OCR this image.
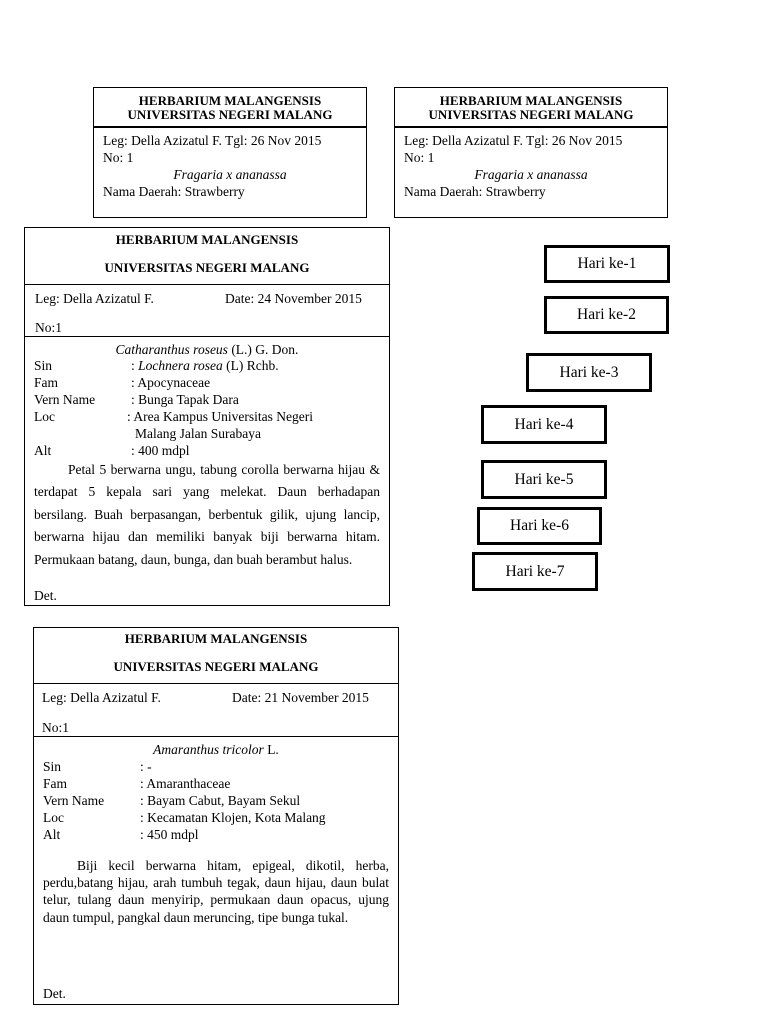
HERBARIUM MALANGENSIS
UNIVERSITAS NEGERI MALANG
Leg: Della Azizatul F. Tgl: 26 Nov 2015
No: 1
Fragaria x ananassa
Nama Daerah: Strawberry
HERBARIUM MALANGENSIS
UNIVERSITAS NEGERI MALANG
Leg: Della Azizatul F. Tgl: 26 Nov 2015
No: 1
Fragaria x ananassa
Nama Daerah: Strawberry
HERBARIUM MALANGENSIS
UNIVERSITAS NEGERI MALANG
Leg: Della Azizatul F.	Date: 24 November 2015
No:1
Catharanthus roseus (L.) G. Don.
Sin	: Lochnera rosea (L) Rchb.
Fam	: Apocynaceae
Vern Name	: Bunga Tapak Dara
Loc	: Area Kampus Universitas Negeri
Malang Jalan Surabaya
Alt	: 400 mdpl
Petal 5 berwarna ungu, tabung corolla berwarna hijau & terdapat 5 kepala sari yang melekat. Daun berhadapan bersilang. Buah berpasangan, berbentuk gilik, ujung lancip, berwarna hijau dan memiliki banyak biji berwarna hitam. Permukaan batang, daun, bunga, dan buah berambut halus.
Det.
HERBARIUM MALANGENSIS
UNIVERSITAS NEGERI MALANG
Leg: Della Azizatul F.	Date: 21 November 2015
No:1
Amaranthus tricolor L.
Sin	: -
Fam	: Amaranthaceae
Vern Name	: Bayam Cabut, Bayam Sekul
Loc	: Kecamatan Klojen, Kota Malang
Alt	: 450 mdpl
Biji kecil berwarna hitam, epigeal, dikotil, herba, perdu,batang hijau, arah tumbuh tegak, daun hijau, daun bulat telur, tulang daun menyirip, permukaan daun opacus, ujung daun tumpul, pangkal daun meruncing, tipe bunga tukal.
Det.
Hari ke-1
Hari ke-2
Hari ke-3
Hari ke-4
Hari ke-5
Hari ke-6
Hari ke-7
